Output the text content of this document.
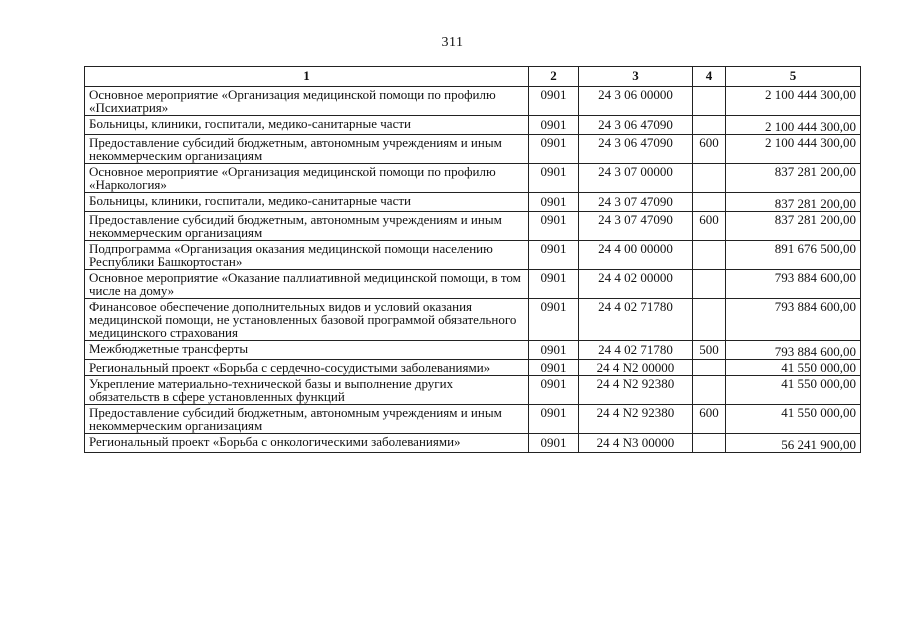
311
1	2	3	4	5
Основное мероприятие «Организация медицинской помощи по профилю «Психиатрия»	0901	24 3 06 00000		2 100 444 300,00
Больницы, клиники, госпитали, медико-санитарные части	0901	24 3 06 47090		2 100 444 300,00
Предоставление субсидий бюджетным, автономным учреждениям и иным некоммерческим организациям	0901	24 3 06 47090	600	2 100 444 300,00
Основное мероприятие «Организация медицинской помощи по профилю «Наркология»	0901	24 3 07 00000		837 281 200,00
Больницы, клиники, госпитали, медико-санитарные части	0901	24 3 07 47090		837 281 200,00
Предоставление субсидий бюджетным, автономным учреждениям и иным некоммерческим организациям	0901	24 3 07 47090	600	837 281 200,00
Подпрограмма «Организация оказания медицинской помощи населению Республики Башкортостан»	0901	24 4 00 00000		891 676 500,00
Основное мероприятие «Оказание паллиативной медицинской помощи, в том числе на дому»	0901	24 4 02 00000		793 884 600,00
Финансовое обеспечение дополнительных видов и условий оказания медицинской помощи, не установленных базовой программой обязательного медицинского страхования	0901	24 4 02 71780		793 884 600,00
Межбюджетные трансферты	0901	24 4 02 71780	500	793 884 600,00
Региональный проект «Борьба с сердечно-сосудистыми заболеваниями»	0901	24 4 N2 00000		41 550 000,00
Укрепление материально-технической базы и выполнение других обязательств в сфере установленных функций	0901	24 4 N2 92380		41 550 000,00
Предоставление субсидий бюджетным, автономным учреждениям и иным некоммерческим организациям	0901	24 4 N2 92380	600	41 550 000,00
Региональный проект «Борьба с онкологическими заболеваниями»	0901	24 4 N3 00000		56 241 900,00
